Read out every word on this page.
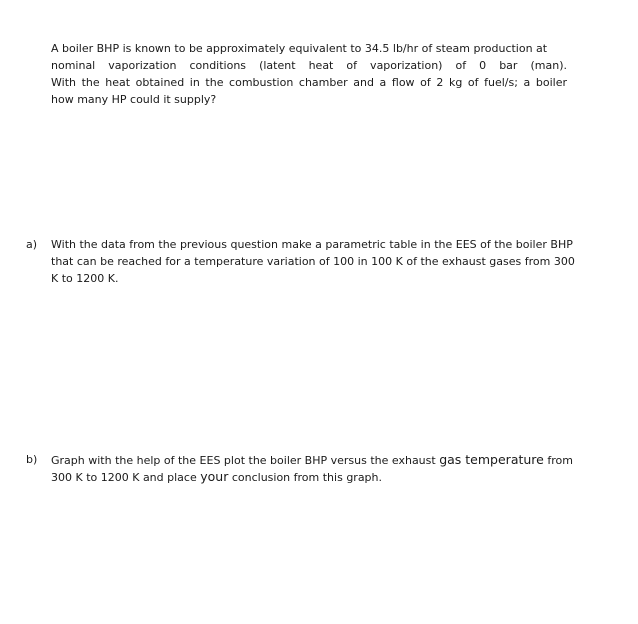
A boiler BHP is known to be approximately equivalent to 34.5 lb/hr of steam production at
nominal vaporization conditions (latent heat of vaporization) of 0 bar (man).
With the heat obtained in the combustion chamber and a flow of 2 kg of fuel/s; a boiler
how many HP could it supply?
a) With the data from the previous question make a parametric table in the EES of the boiler BHP
that can be reached for a temperature variation of 100 in 100 K of the exhaust gases from 300
K to 1200 K.
b) Graph with the help of the EES plot the boiler BHP versus the exhaust gas temperature from
300 K to 1200 K and place your conclusion from this graph.
